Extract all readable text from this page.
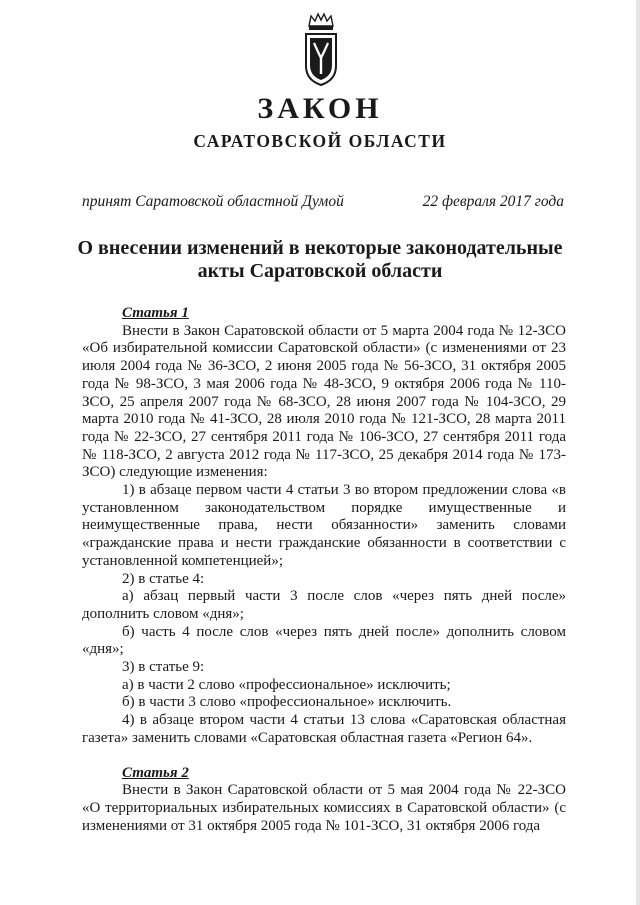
ЗАКОН
САРАТОВСКОЙ ОБЛАСТИ
принят Саратовской областной Думой	22 февраля 2017 года
О внесении изменений в некоторые законодательные
акты Саратовской области

Статья 1

Внести в Закон Саратовской области от 5 марта 2004 года № 12-ЗСО «Об избирательной комиссии Саратовской области» (с изменениями от 23 июля 2004 года № 36-ЗСО, 2 июня 2005 года № 56-ЗСО, 31 октября 2005 года № 98-ЗСО, 3 мая 2006 года № 48-ЗСО, 9 октября 2006 года № 110-ЗСО, 25 апреля 2007 года № 68-ЗСО, 28 июня 2007 года № 104-ЗСО, 29 марта 2010 года № 41-ЗСО, 28 июля 2010 года № 121-ЗСО, 28 марта 2011 года № 22-ЗСО, 27 сентября 2011 года № 106-ЗСО, 27 сентября 2011 года № 118-ЗСО, 2 августа 2012 года № 117-ЗСО, 25 декабря 2014 года № 173-ЗСО) следующие изменения:

1) в абзаце первом части 4 статьи 3 во втором предложении слова «в установленном законодательством порядке имущественные и неимущественные права, нести обязанности» заменить словами «гражданские права и нести гражданские обязанности в соответствии с установленной компетенцией»;

2) в статье 4:

а) абзац первый части 3 после слов «через пять дней после» дополнить словом «дня»;

б) часть 4 после слов «через пять дней после» дополнить словом «дня»;

3) в статье 9:

а) в части 2 слово «профессиональное» исключить;

б) в части 3 слово «профессиональное» исключить.

4) в абзаце втором части 4 статьи 13 слова «Саратовская областная газета» заменить словами «Саратовская областная газета «Регион 64».

Статья 2

Внести в Закон Саратовской области от 5 мая 2004 года № 22-ЗСО «О территориальных избирательных комиссиях в Саратовской области» (с изменениями от 31 октября 2005 года № 101-ЗСО, 31 октября 2006 года
